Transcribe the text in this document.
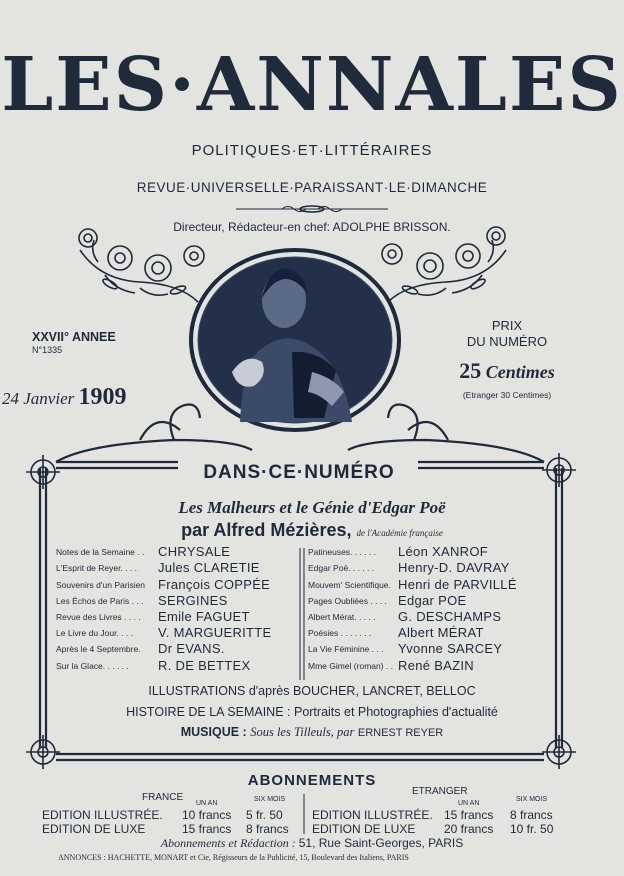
LES·ANNALES
POLITIQUES·ET·LITTÉRAIRES
REVUE·UNIVERSELLE·PARAISSANT·LE·DIMANCHE
Directeur, Rédacteur-en chef: ADOLPHE BRISSON.
XXVII° ANNEE
N°1335
24 Janvier 1909
PRIX
DU NUMÉRO
25 Centimes
(Etranger 30 Centimes)
DANS·CE·NUMÉRO
Les Malheurs et le Génie d'Edgar Poë
par Alfred Mézières, de l'Académie française
Notes de la Semaine . . CHRYSALE
L'Esprit de Reyer. . . . Jules CLARETIE
Souvenirs d'un Parisien François COPPÉE
Les Échos de Paris . . . SERGINES
Revue des Livres . . . . Emile FAGUET
Le Livre du Jour. . . . V. MARGUERITTE
Après le 4 Septembre. Dr EVANS.
Sur la Glace. . . . . . R. DE BETTEX
Patineuses. . . . . . Léon XANROF
Edgar Poë. . . . . . Henry-D. DAVRAY
Mouvem' Scientifique. Henri de PARVILLÉ
Pages Oubliées . . . . Edgar POE
Albert Mérat. . . . . G. DESCHAMPS
Poésies . . . . . . . Albert MÉRAT
La Vie Féminine . . . Yvonne SARCEY
Mme Gimel (roman) . . René BAZIN
ILLUSTRATIONS d'après BOUCHER, LANCRET, BELLOC
HISTOIRE DE LA SEMAINE : Portraits et Photographies d'actualité
MUSIQUE : Sous les Tilleuls, par ERNEST REYER
ABONNEMENTS
FRANCE
UN AN
SIX MOIS
EDITION ILLUSTRÉE. 10 francs 5 fr. 50
EDITION DE LUXE	15 francs 8 francs
ETRANGER
UN AN
SIX MOIS
EDITION ILLUSTRÉE. 15 francs 8 francs
EDITION DE LUXE 20 francs 10 fr. 50
Abonnements et Rédaction : 51, Rue Saint-Georges, PARIS
ANNONCES : HACHETTE, MONART et Cie, Régisseurs de la Publicité, 15, Boulevard des Italiens, PARIS
